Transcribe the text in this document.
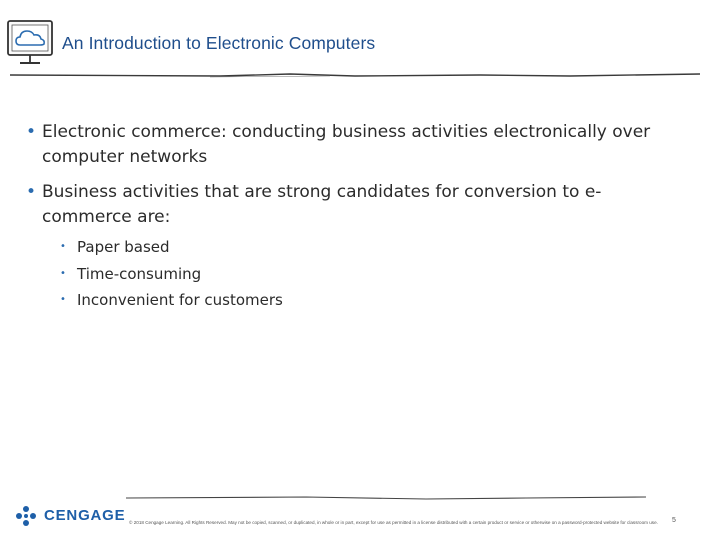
An Introduction to Electronic Computers
• Electronic commerce: conducting business activities electronically over computer networks
• Business activities that are strong candidates for conversion to e-commerce are:
• Paper based
• Time-consuming
• Inconvenient for customers
CENGAGE © 2018 Cengage Learning. All Rights Reserved. May not be copied, scanned, or duplicated, in whole or in part, except for use as permitted in a license distributed with a certain product or service or otherwise on a password-protected website for classroom use.	5
